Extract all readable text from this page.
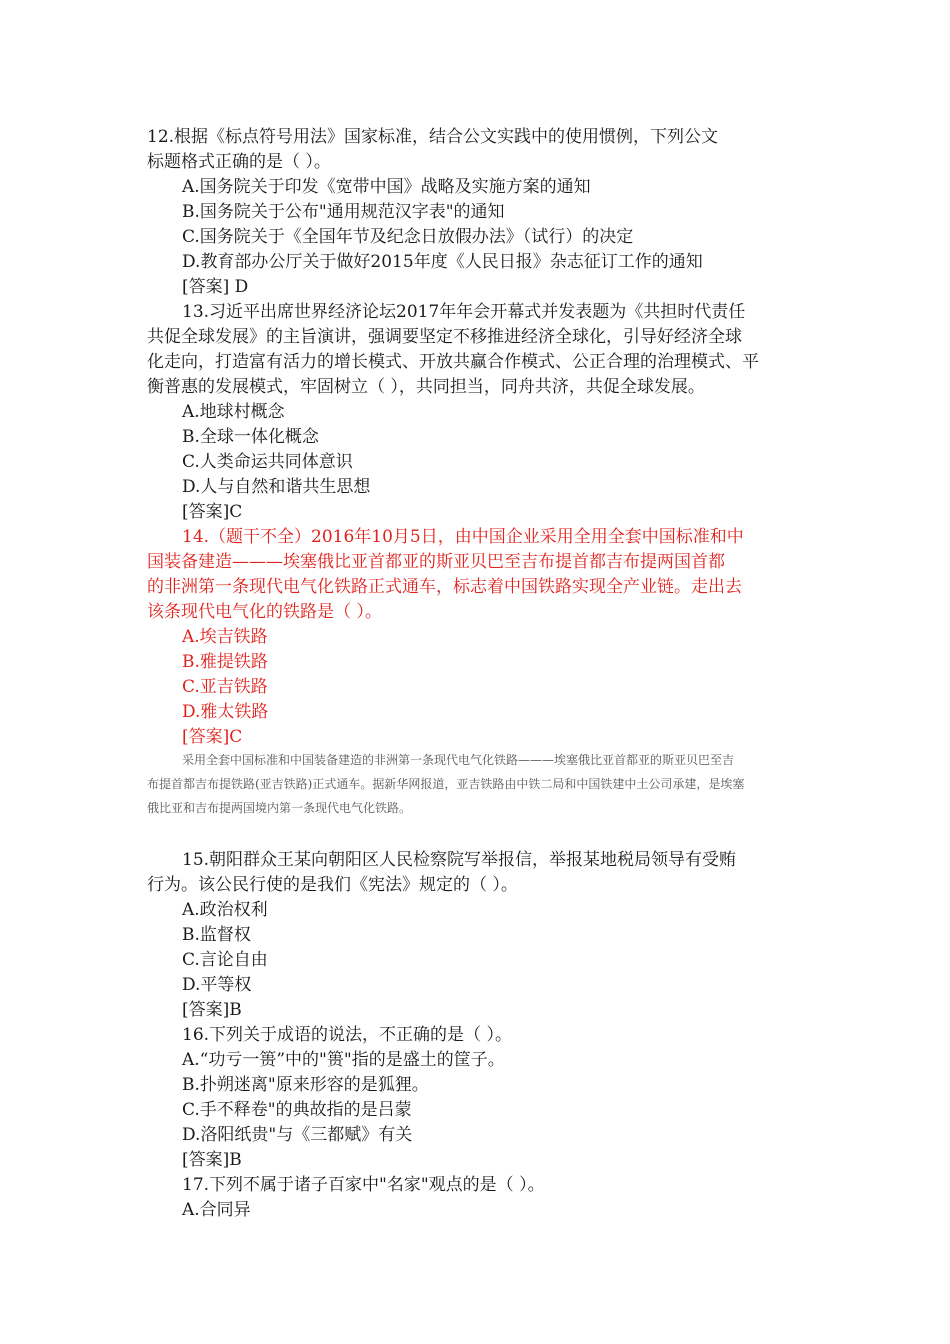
12.根据《标点符号用法》国家标准，结合公文实践中的使用惯例，下列公文
标题格式正确的是（ ）。
A.国务院关于印发《宽带中国》战略及实施方案的通知
B.国务院关于公布"通用规范汉字表"的通知
C.国务院关于《全国年节及纪念日放假办法》（试行）的决定
D.教育部办公厅关于做好2015年度《人民日报》杂志征订工作的通知
[答案] D
13.习近平出席世界经济论坛2017年年会开幕式并发表题为《共担时代责任
共促全球发展》的主旨演讲，强调要坚定不移推进经济全球化，引导好经济全球
化走向，打造富有活力的增长模式、开放共赢合作模式、公正合理的治理模式、平
衡普惠的发展模式，牢固树立（ ），共同担当，同舟共济，共促全球发展。
A.地球村概念
B.全球一体化概念
C.人类命运共同体意识
D.人与自然和谐共生思想
[答案]C
14.（题干不全）2016年10月5日，由中国企业采用全用全套中国标准和中
国装备建造———埃塞俄比亚首都亚的斯亚贝巴至吉布提首都吉布提两国首都
的非洲第一条现代电气化铁路正式通车，标志着中国铁路实现全产业链。走出去
该条现代电气化的铁路是（ ）。
A.埃吉铁路
B.雅提铁路
C.亚吉铁路
D.雅太铁路
[答案]C
采用全套中国标准和中国装备建造的非洲第一条现代电气化铁路———埃塞俄比亚首都亚的斯亚贝巴至吉
布提首都吉布提铁路(亚吉铁路)正式通车。据新华网报道，亚吉铁路由中铁二局和中国铁建中土公司承建，是埃塞
俄比亚和吉布提两国境内第一条现代电气化铁路。
15.朝阳群众王某向朝阳区人民检察院写举报信，举报某地税局领导有受贿
行为。该公民行使的是我们《宪法》规定的（ ）。
A.政治权利
B.监督权
C.言论自由
D.平等权
[答案]B
16.下列关于成语的说法，不正确的是（ ）。
A.“功亏一篑”中的"篑"指的是盛土的筐子。
B.扑朔迷离"原来形容的是狐狸。
C.手不释卷"的典故指的是吕蒙
D.洛阳纸贵"与《三都赋》有关
[答案]B
17.下列不属于诸子百家中"名家"观点的是（ ）。
A.合同异
